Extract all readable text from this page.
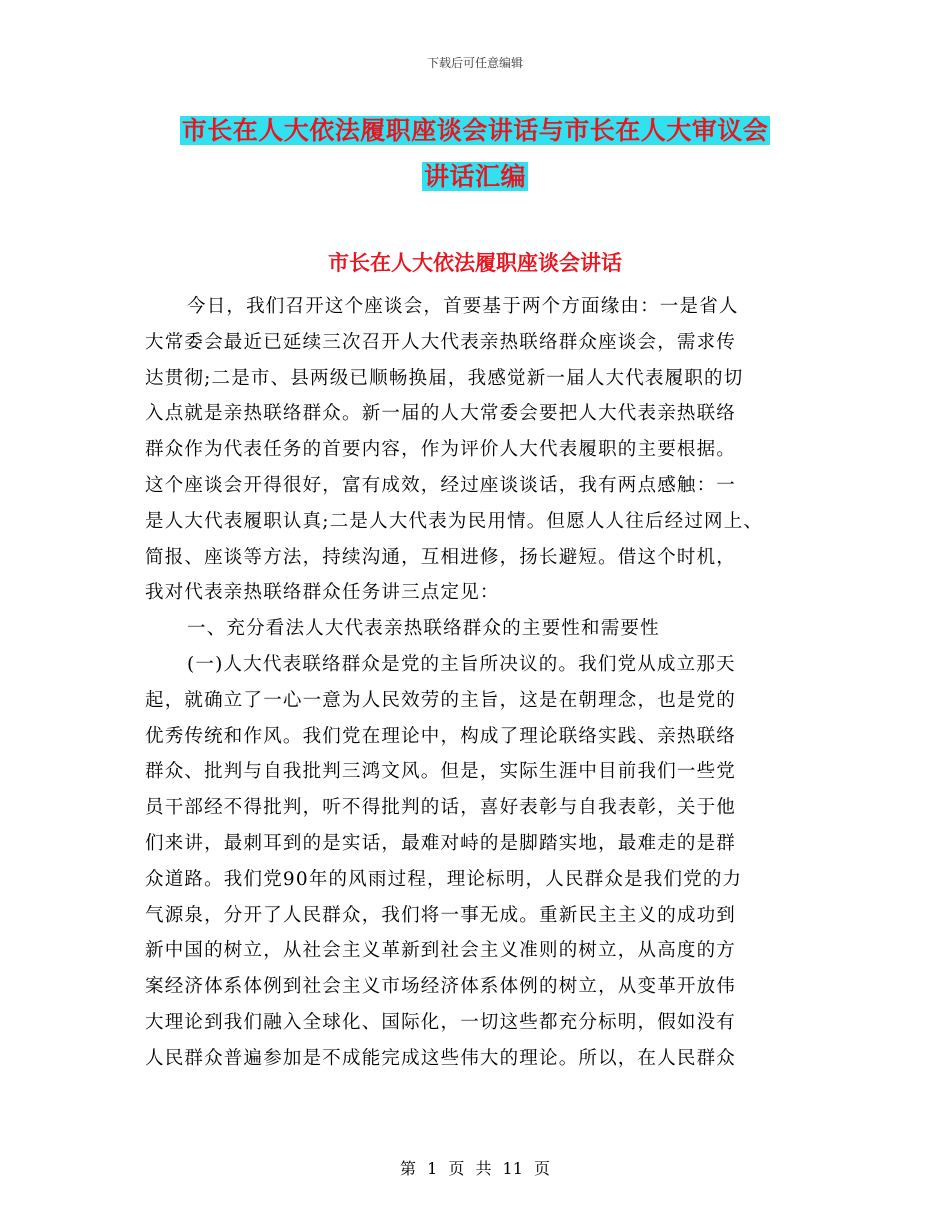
下载后可任意编辑
市长在人大依法履职座谈会讲话与市长在人大审议会
讲话汇编
市长在人大依法履职座谈会讲话
今日，我们召开这个座谈会，首要基于两个方面缘由：一是省人
大常委会最近已延续三次召开人大代表亲热联络群众座谈会，需求传
达贯彻;二是市、县两级已顺畅换届，我感觉新一届人大代表履职的切
入点就是亲热联络群众。新一届的人大常委会要把人大代表亲热联络
群众作为代表任务的首要内容，作为评价人大代表履职的主要根据。
这个座谈会开得很好，富有成效，经过座谈谈话，我有两点感触：一
是人大代表履职认真;二是人大代表为民用情。但愿人人往后经过网上、
简报、座谈等方法，持续沟通，互相进修，扬长避短。借这个时机，
我对代表亲热联络群众任务讲三点定见：
一、充分看法人大代表亲热联络群众的主要性和需要性
(一)人大代表联络群众是党的主旨所决议的。我们党从成立那天
起，就确立了一心一意为人民效劳的主旨，这是在朝理念，也是党的
优秀传统和作风。我们党在理论中，构成了理论联络实践、亲热联络
群众、批判与自我批判三鸿文风。但是，实际生涯中目前我们一些党
员干部经不得批判，听不得批判的话，喜好表彰与自我表彰，关于他
们来讲，最刺耳到的是实话，最难对峙的是脚踏实地，最难走的是群
众道路。我们党90年的风雨过程，理论标明，人民群众是我们党的力
气源泉，分开了人民群众，我们将一事无成。重新民主主义的成功到
新中国的树立，从社会主义革新到社会主义准则的树立，从高度的方
案经济体系体例到社会主义市场经济体系体例的树立，从变革开放伟
大理论到我们融入全球化、国际化，一切这些都充分标明，假如没有
人民群众普遍参加是不成能完成这些伟大的理论。所以，在人民群众
第 1 页 共 11 页
